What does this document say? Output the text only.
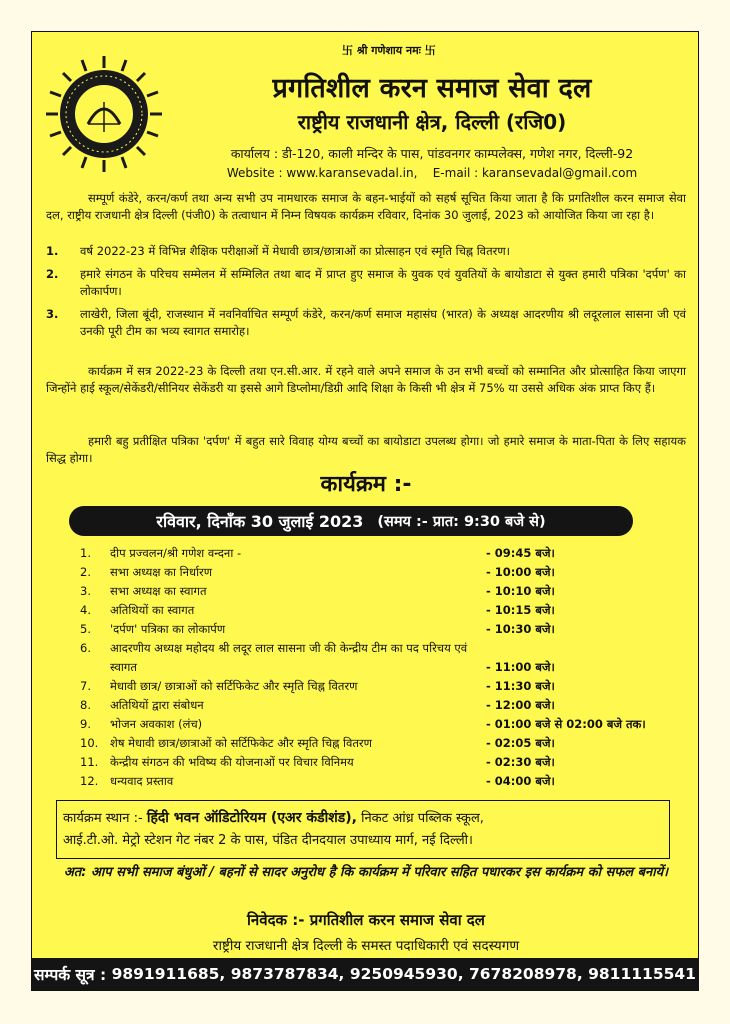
卐 श्री गणेशाय नमः 卐
प्रगतिशील करन समाज सेवा दल
राष्ट्रीय राजधानी क्षेत्र, दिल्ली (रजि0)
कार्यालय : डी-120, काली मन्दिर के पास, पांडवनगर काम्पलेक्स, गणेश नगर, दिल्ली-92
Website : www.karansevadal.in, E-mail : karansevadal@gmail.com
सम्पूर्ण कंडेरे, करन/कर्ण तथा अन्य सभी उप नामधारक समाज के बहन-भाईयों को सहर्ष सूचित किया जाता है कि प्रगतिशील करन समाज सेवा दल, राष्ट्रीय राजधानी क्षेत्र दिल्ली (पंजी0) के तत्वाधान में निम्न विषयक कार्यक्रम रविवार, दिनांक 30 जुलाई, 2023 को आयोजित किया जा रहा है।
1.	वर्ष 2022-23 में विभिन्न शैक्षिक परीक्षाओं में मेधावी छात्र/छात्राओं का प्रोत्साहन एवं स्मृति चिह्न वितरण।
2.	हमारे संगठन के परिचय सम्मेलन में सम्मिलित तथा बाद में प्राप्त हुए समाज के युवक एवं युवतियों के बायोडाटा से युक्त हमारी पत्रिका 'दर्पण' का लोकार्पण।
3.	लाखेरी, जिला बूंदी, राजस्थान में नवनिर्वाचित सम्पूर्ण कंडेरे, करन/कर्ण समाज महासंघ (भारत) के अध्यक्ष आदरणीय श्री लदूरलाल सासना जी एवं उनकी पूरी टीम का भव्य स्वागत समारोह।
कार्यक्रम में सत्र 2022-23 के दिल्ली तथा एन.सी.आर. में रहने वाले अपने समाज के उन सभी बच्चों को सम्मानित और प्रोत्साहित किया जाएगा जिन्होंने हाई स्कूल/सेकेंडरी/सीनियर सेकेंडरी या इससे आगे डिप्लोमा/डिग्री आदि शिक्षा के किसी भी क्षेत्र में 75% या उससे अधिक अंक प्राप्त किए हैं।
हमारी बहु प्रतीक्षित पत्रिका 'दर्पण' में बहुत सारे विवाह योग्य बच्चों का बायोडाटा उपलब्ध होगा। जो हमारे समाज के माता-पिता के लिए सहायक सिद्ध होगा।
कार्यक्रम :-
रविवार, दिनाँक 30 जुलाई 2023 (समय :- प्रात: 9:30 बजे से)
1.	दीप प्रज्वलन/श्री गणेश वन्दना -	- 09:45 बजे।
2.	सभा अध्यक्ष का निर्धारण	- 10:00 बजे।
3.	सभा अध्यक्ष का स्वागत	- 10:10 बजे।
4.	अतिथियों का स्वागत	- 10:15 बजे।
5.	'दर्पण' पत्रिका का लोकार्पण	- 10:30 बजे।
6.	आदरणीय अध्यक्ष महोदय श्री लदूर लाल सासना जी की केन्द्रीय टीम का पद परिचय एवं स्वागत	- 11:00 बजे।
7.	मेधावी छात्र/ छात्राओं को सर्टिफिकेट और स्मृति चिह्न वितरण	- 11:30 बजे।
8.	अतिथियों द्वारा संबोधन	- 12:00 बजे।
9.	भोजन अवकाश (लंच)	- 01:00 बजे से 02:00 बजे तक।
10.	शेष मेधावी छात्र/छात्राओं को सर्टिफिकेट और स्मृति चिह्न वितरण	- 02:05 बजे।
11.	केन्द्रीय संगठन की भविष्य की योजनाओं पर विचार विनिमय	- 02:30 बजे।
12.	धन्यवाद प्रस्ताव	- 04:00 बजे।
कार्यक्रम स्थान :- हिंदी भवन ऑडिटोरियम (एअर कंडीशंड), निकट आंध्र पब्लिक स्कूल,
आई.टी.ओ. मेट्रो स्टेशन गेट नंबर 2 के पास, पंडित दीनदयाल उपाध्याय मार्ग, नई दिल्ली।
अत: आप सभी समाज बंधुओं / बहनों से सादर अनुरोध है कि कार्यक्रम में परिवार सहित पधारकर इस कार्यक्रम को सफल बनायें।
निवेदक :- प्रगतिशील करन समाज सेवा दल
राष्ट्रीय राजधानी क्षेत्र दिल्ली के समस्त पदाधिकारी एवं सदस्यगण
सम्पर्क सूत्र :
9891911685, 9873787834, 9250945930, 7678208978, 9811115541
